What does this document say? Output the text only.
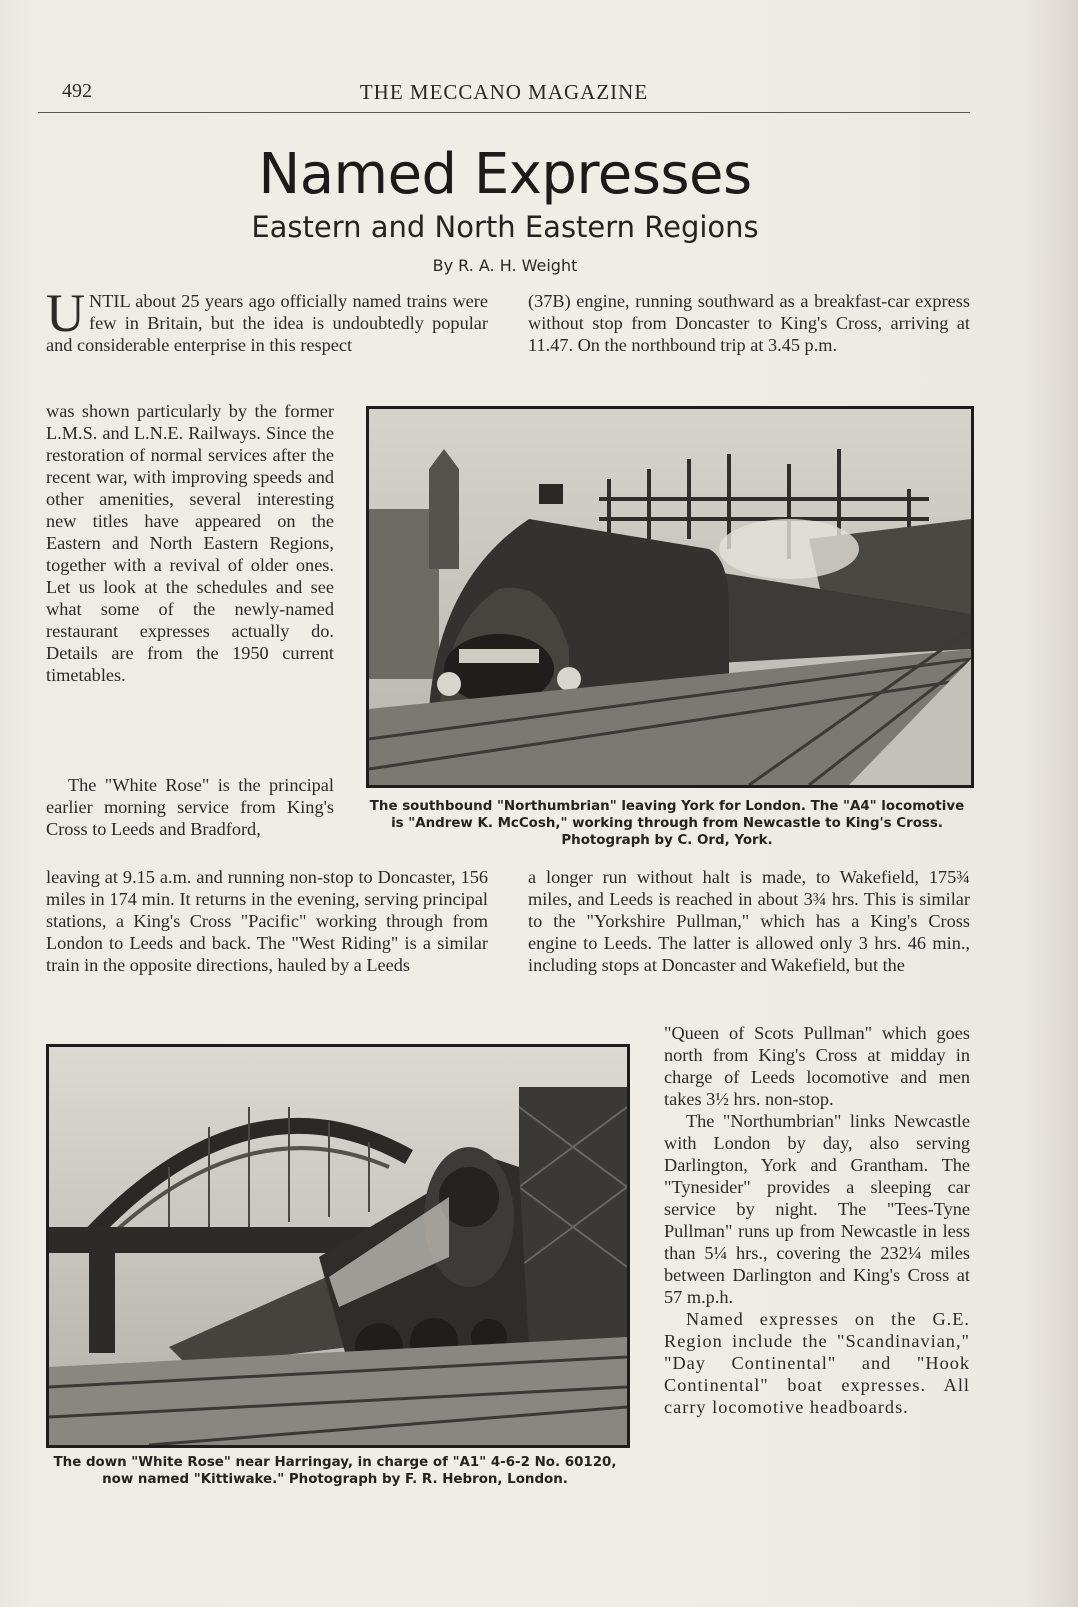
492	THE MECCANO MAGAZINE
Named Expresses
Eastern and North Eastern Regions
By R. A. H. Weight

UNTIL about 25 years ago officially named trains were few in Britain, but the idea is undoubtedly popular and considerable enterprise in this respect

was shown particularly by the former L.M.S. and L.N.E. Railways. Since the restoration of normal services after the recent war, with improving speeds and other amenities, several interesting new titles have appeared on the Eastern and North Eastern Regions, together with a revival of older ones. Let us look at the schedules and see what some of the newly-named restaurant expresses actually do. Details are from the 1950 current timetables.

The "White Rose" is the principal earlier morning service from King's Cross to Leeds and Bradford,

leaving at 9.15 a.m. and running non-stop to Doncaster, 156 miles in 174 min. It returns in the evening, serving principal stations, a King's Cross "Pacific" working through from London to Leeds and back. The "West Riding" is a similar train in the opposite directions, hauled by a Leeds

(37B) engine, running southward as a breakfast-car express without stop from Doncaster to King's Cross, arriving at 11.47. On the northbound trip at 3.45 p.m.

a longer run without halt is made, to Wakefield, 175¾ miles, and Leeds is reached in about 3¾ hrs. This is similar to the "Yorkshire Pullman," which has a King's Cross engine to Leeds. The latter is allowed only 3 hrs. 46 min., including stops at Doncaster and Wakefield, but the

"Queen of Scots Pullman" which goes north from King's Cross at midday in charge of Leeds locomotive and men takes 3½ hrs. non-stop.

The "Northumbrian" links Newcastle with London by day, also serving Darlington, York and Grantham. The "Tynesider" provides a sleeping car service by night. The "Tees-Tyne Pullman" runs up from Newcastle in less than 5¼ hrs., covering the 232¼ miles between Darlington and King's Cross at 57 m.p.h.

Named expresses on the G.E. Region include the "Scandinavian," "Day Continental" and "Hook Continental" boat expresses. All carry locomotive headboards.

The southbound "Northumbrian" leaving York for London. The "A4" locomotive is "Andrew K. McCosh," working through from Newcastle to King's Cross. Photograph by C. Ord, York.
The down "White Rose" near Harringay, in charge of "A1" 4-6-2 No. 60120, now named "Kittiwake." Photograph by F. R. Hebron, London.
